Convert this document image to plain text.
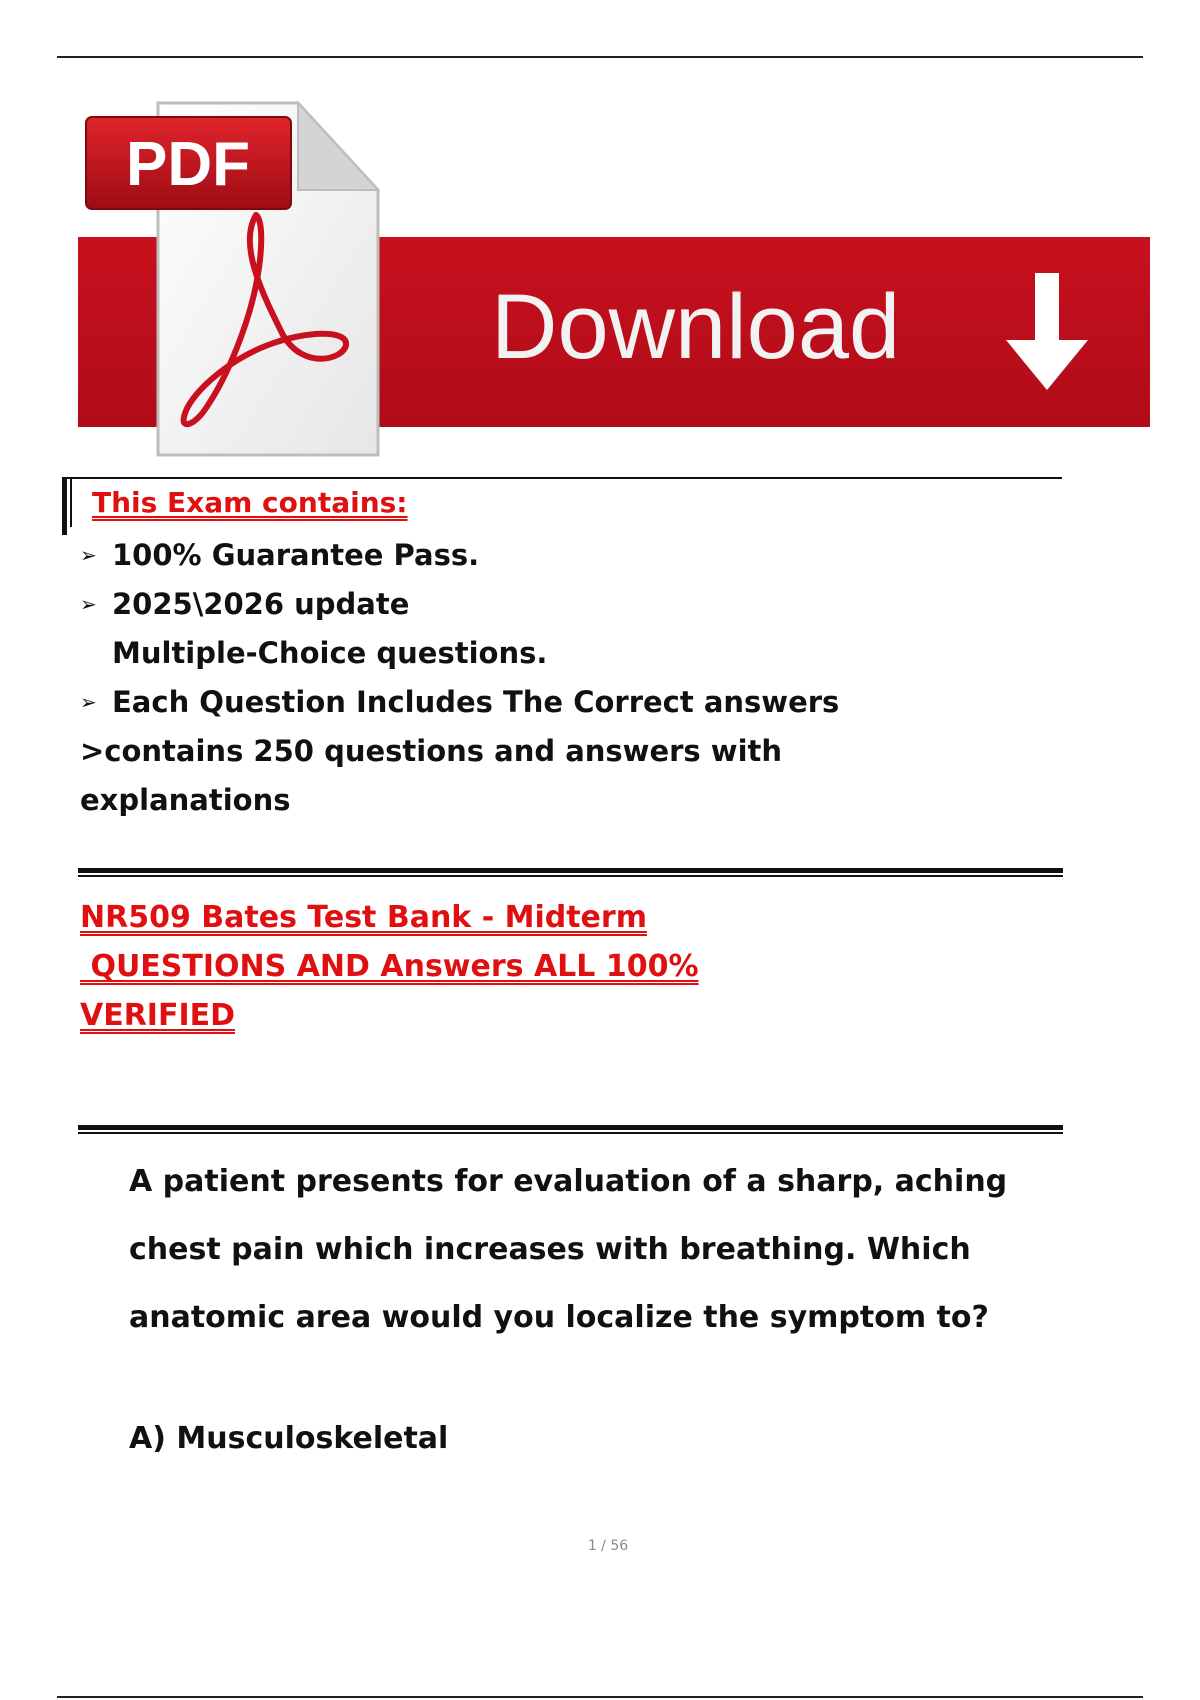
PDF
Download
This Exam contains:
➢ 100% Guarantee Pass.
➢ 2025\2026 update
Multiple-Choice questions.
➢ Each Question Includes The Correct answers
>contains 250 questions and answers with
explanations
NR509 Bates Test Bank - Midterm
QUESTIONS AND Answers ALL 100%
VERIFIED
A patient presents for evaluation of a sharp, aching chest pain which increases with breathing. Which anatomic area would you localize the symptom to?
A) Musculoskeletal
1 / 56
